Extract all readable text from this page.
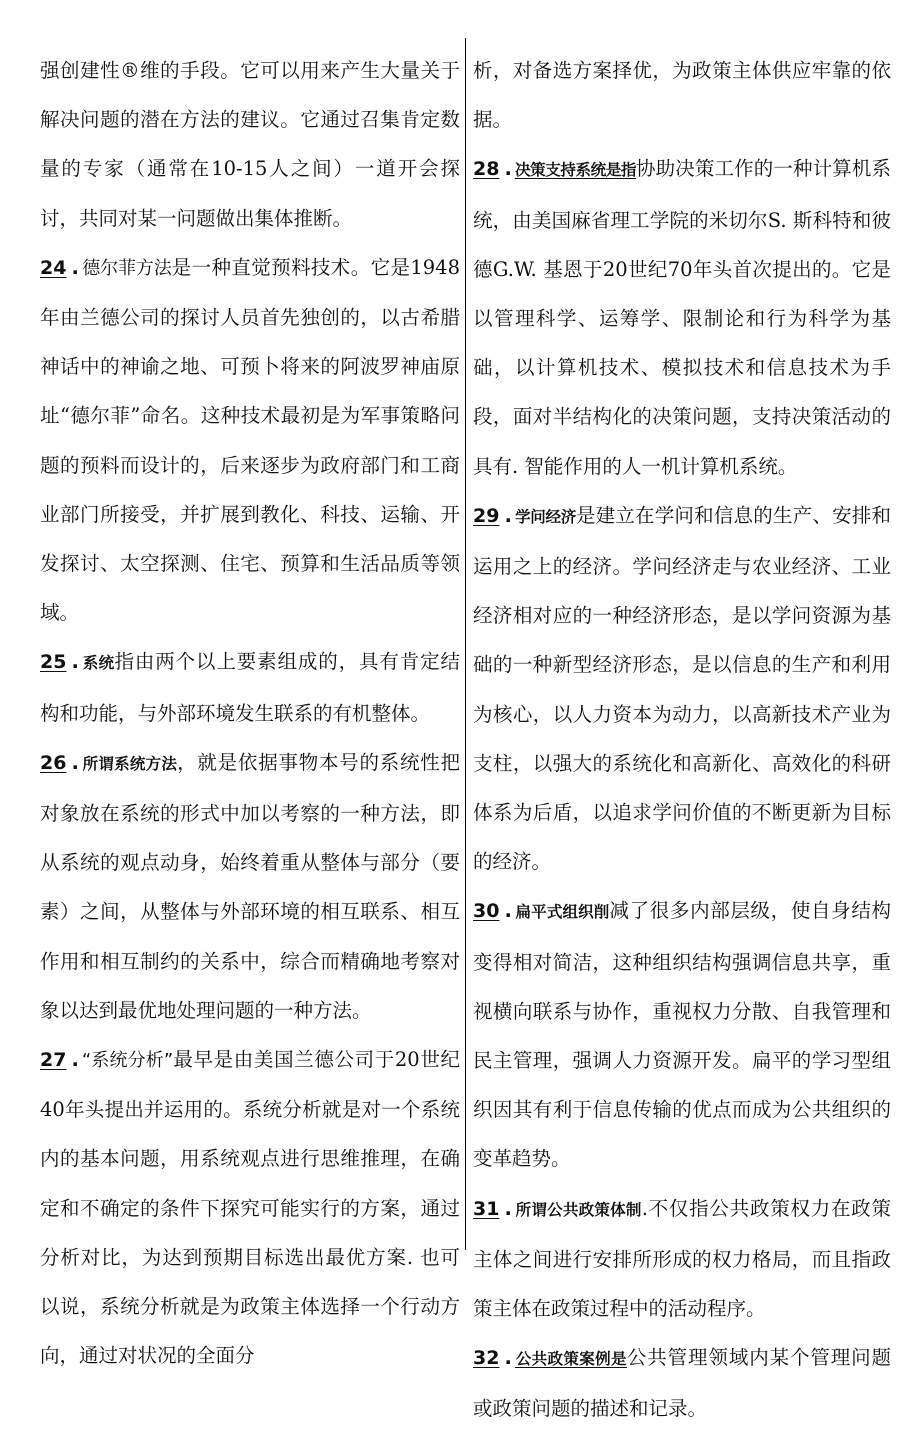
强创建性®维的手段。它可以用来产生大量关于解决问题的潜在方法的建议。它通过召集肯定数量的专家（通常在10-15人之间）一道开会探讨，共同对某一问题做出集体推断。

24 . 德尔菲方法是一种直觉预料技术。它是1948年由兰德公司的探讨人员首先独创的，以古希腊神话中的神谕之地、可预卜将来的阿波罗神庙原址“德尔菲”命名。这种技术最初是为军事策略问题的预料而设计的，后来逐步为政府部门和工商业部门所接受，并扩展到教化、科技、运输、开发探讨、太空探测、住宅、预算和生活品质等领域。

25 . 系统指由两个以上要素组成的，具有肯定结构和功能，与外部环境发生联系的有机整体。

26 . 所谓系统方法，就是依据事物本号的系统性把对象放在系统的形式中加以考察的一种方法，即从系统的观点动身，始终着重从整体与部分（要素）之间，从整体与外部环境的相互联系、相互作用和相互制约的关系中，综合而精确地考察对象以达到最优地处理问题的一种方法。

27 . “系统分析”最早是由美国兰德公司于20世纪40年头提出并运用的。系统分析就是对一个系统内的基本问题，用系统观点进行思维推理，在确定和不确定的条件下探究可能实行的方案，通过分析对比，为达到预期目标选出最优方案. 也可以说，系统分析就是为政策主体选择一个行动方向，通过对状况的全面分

析，对备选方案择优，为政策主体供应牢靠的依据。

28 . 决策支持系统是指协助决策工作的一种计算机系统，由美国麻省理工学院的米切尔S. 斯科特和彼德G.W. 基恩于20世纪70年头首次提出的。它是以管理科学、运筹学、限制论和行为科学为基础，以计算机技术、模拟技术和信息技术为手段，面对半结构化的决策问题，支持决策活动的具有. 智能作用的人一机计算机系统。

29 . 学问经济是建立在学问和信息的生产、安排和运用之上的经济。学问经济走与农业经济、工业经济相对应的一种经济形态，是以学问资源为基础的一种新型经济形态，是以信息的生产和利用为核心，以人力资本为动力，以高新技术产业为支柱，以强大的系统化和高新化、高效化的科研体系为后盾，以追求学问价值的不断更新为目标的经济。

30 . 扁平式组织削减了很多内部层级，使自身结构变得相对简洁，这种组织结构强调信息共享，重视横向联系与协作，重视权力分散、自我管理和民主管理，强调人力资源开发。扁平的学习型组织因其有利于信息传输的优点而成为公共组织的变革趋势。

31 . 所谓公共政策体制.不仅指公共政策权力在政策主体之间进行安排所形成的权力格局，而且指政策主体在政策过程中的活动程序。

32 . 公共政策案例是公共管理领域内某个管理问题或政策问题的描述和记录。
